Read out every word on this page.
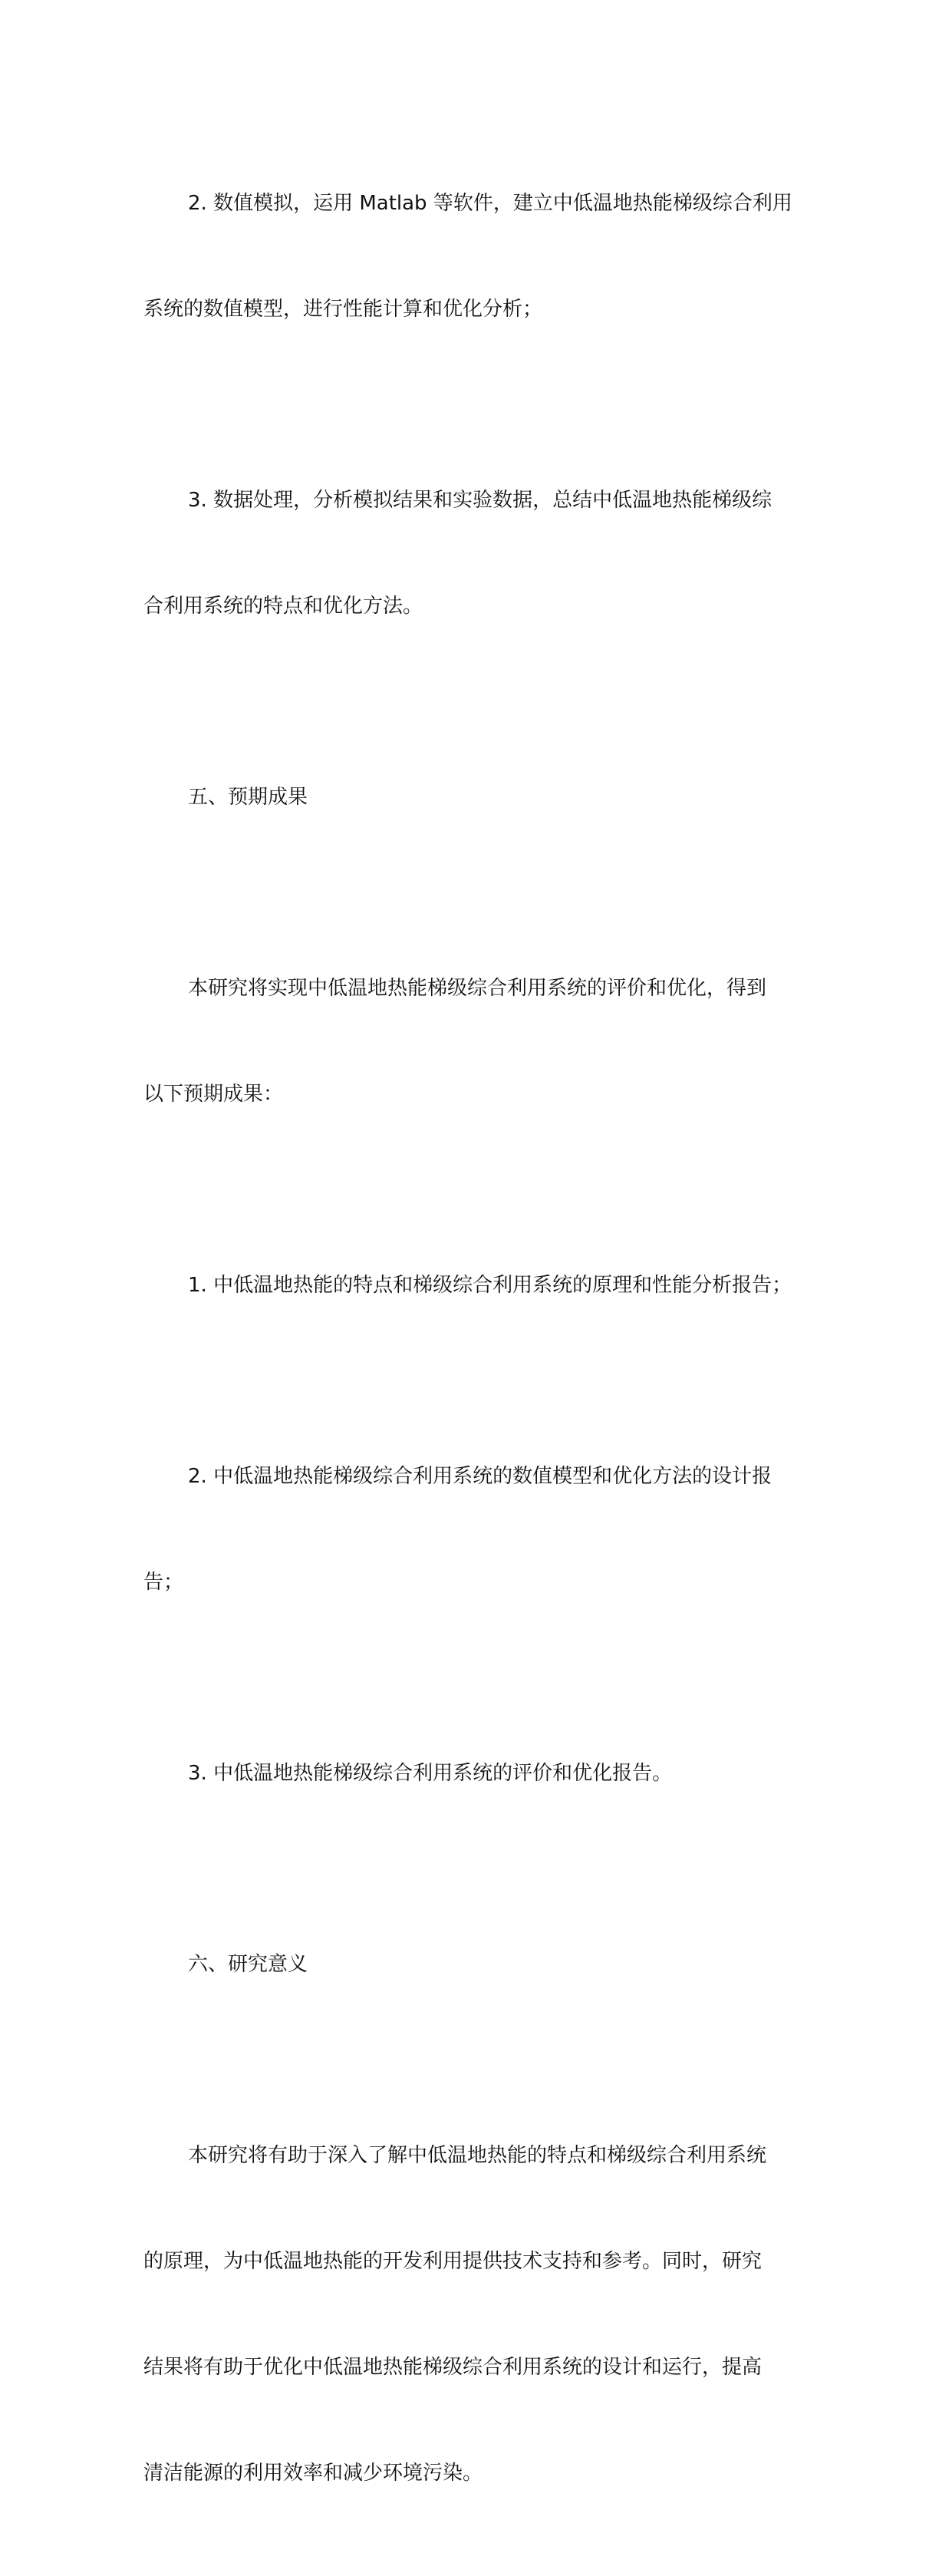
2. 数值模拟，运用 Matlab 等软件，建立中低温地热能梯级综合利用

系统的数值模型，进行性能计算和优化分析；

3. 数据处理，分析模拟结果和实验数据，总结中低温地热能梯级综

合利用系统的特点和优化方法。

五、预期成果

本研究将实现中低温地热能梯级综合利用系统的评价和优化，得到

以下预期成果：

1. 中低温地热能的特点和梯级综合利用系统的原理和性能分析报告；

2. 中低温地热能梯级综合利用系统的数值模型和优化方法的设计报

告；

3. 中低温地热能梯级综合利用系统的评价和优化报告。

六、研究意义

本研究将有助于深入了解中低温地热能的特点和梯级综合利用系统

的原理，为中低温地热能的开发利用提供技术支持和参考。同时，研究

结果将有助于优化中低温地热能梯级综合利用系统的设计和运行，提高

清洁能源的利用效率和减少环境污染。
